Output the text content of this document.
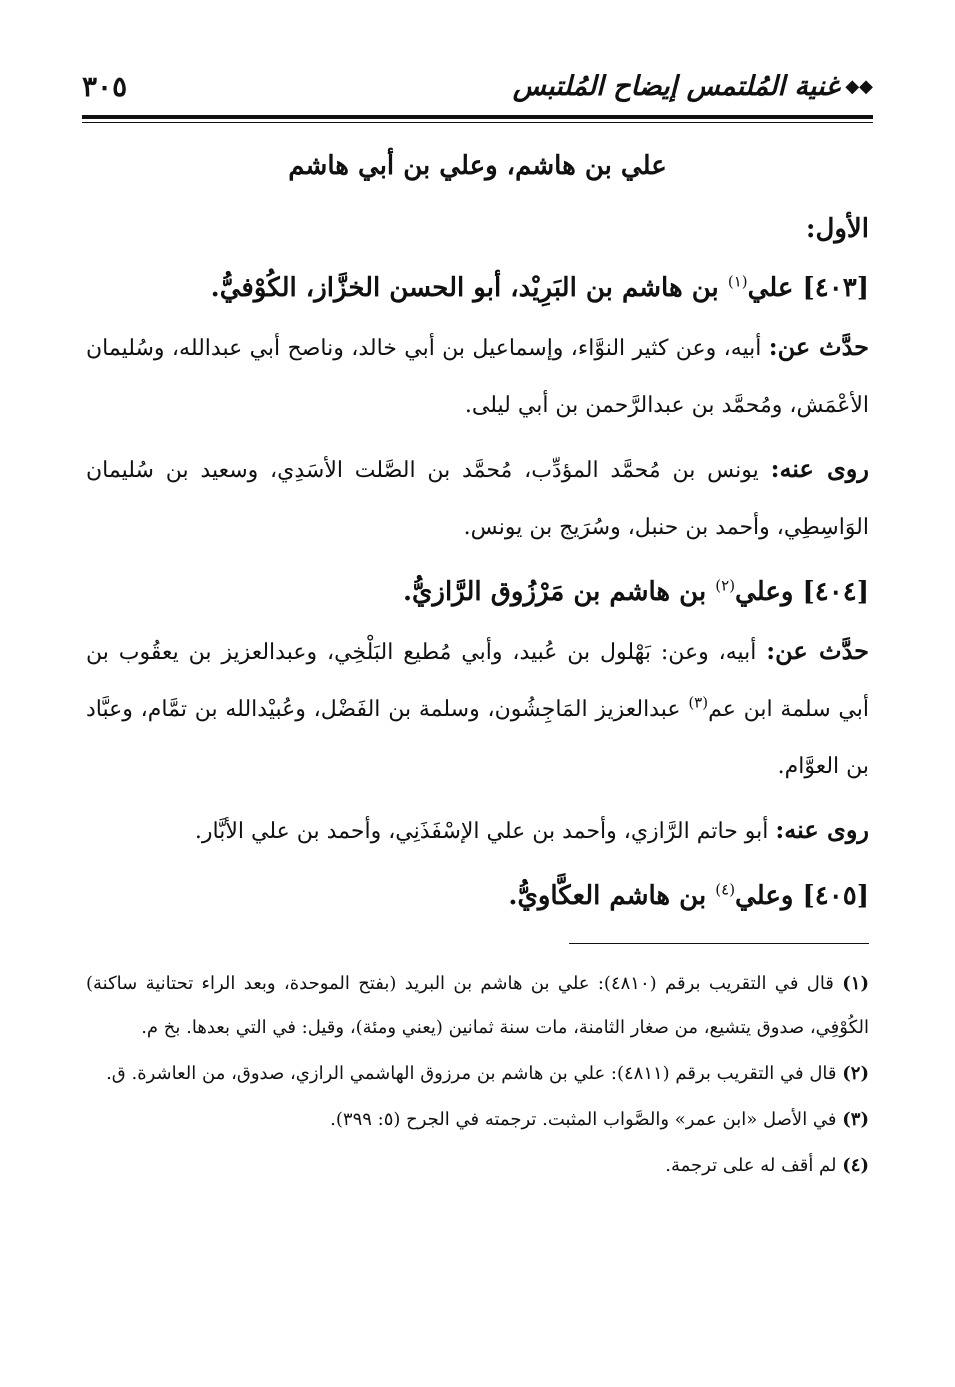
◆◆
غنية المُلتمس إيضاح المُلتبس
٣٠٥
علي بن هاشم، وعلي بن أبي هاشم
الأول:
[٤٠٣] علي$^{(١)}$ بن هاشم بن البَرِيْد، أبو الحسن الخزَّاز، الكُوْفيُّ.

حدَّث عن: أبيه، وعن كثير النوَّاء، وإسماعيل بن أبي خالد، وناصح أبي عبدالله، وسُليمان الأعْمَش، ومُحمَّد بن عبدالرَّحمن بن أبي ليلى.

روى عنه: يونس بن مُحمَّد المؤدِّب، مُحمَّد بن الصَّلت الأسَدِي، وسعيد بن سُليمان الوَاسِطِي، وأحمد بن حنبل، وسُرَيج بن يونس.

[٤٠٤] وعلي$^{(٢)}$ بن هاشم بن مَرْزُوق الرَّازيُّ.

حدَّث عن: أبيه، وعن: بَهْلول بن عُبيد، وأبي مُطيع البَلْخِي، وعبدالعزيز بن يعقُوب بن أبي سلمة ابن عم$^{(٣)}$ عبدالعزيز المَاجِشُون، وسلمة بن الفَضْل، وعُبيْدالله بن تمَّام، وعبَّاد بن العوَّام.

روى عنه: أبو حاتم الرَّازي، وأحمد بن علي الإسْفَذَنِي، وأحمد بن علي الأبَّار.

[٤٠٥] وعلي$^{(٤)}$ بن هاشم العكَّاويُّ.

(١) قال في التقريب برقم (٤٨١٠): علي بن هاشم بن البريد (بفتح الموحدة، وبعد الراء تحتانية ساكنة) الكُوْفِي، صدوق يتشيع، من صغار الثامنة، مات سنة ثمانين (يعني ومئة)، وقيل: في التي بعدها. بخ م.

(٢) قال في التقريب برقم (٤٨١١): علي بن هاشم بن مرزوق الهاشمي الرازي، صدوق، من العاشرة. ق.

(٣) في الأصل «ابن عمر» والصَّواب المثبت. ترجمته في الجرح (٥: ٣٩٩).

(٤) لم أقف له على ترجمة.
